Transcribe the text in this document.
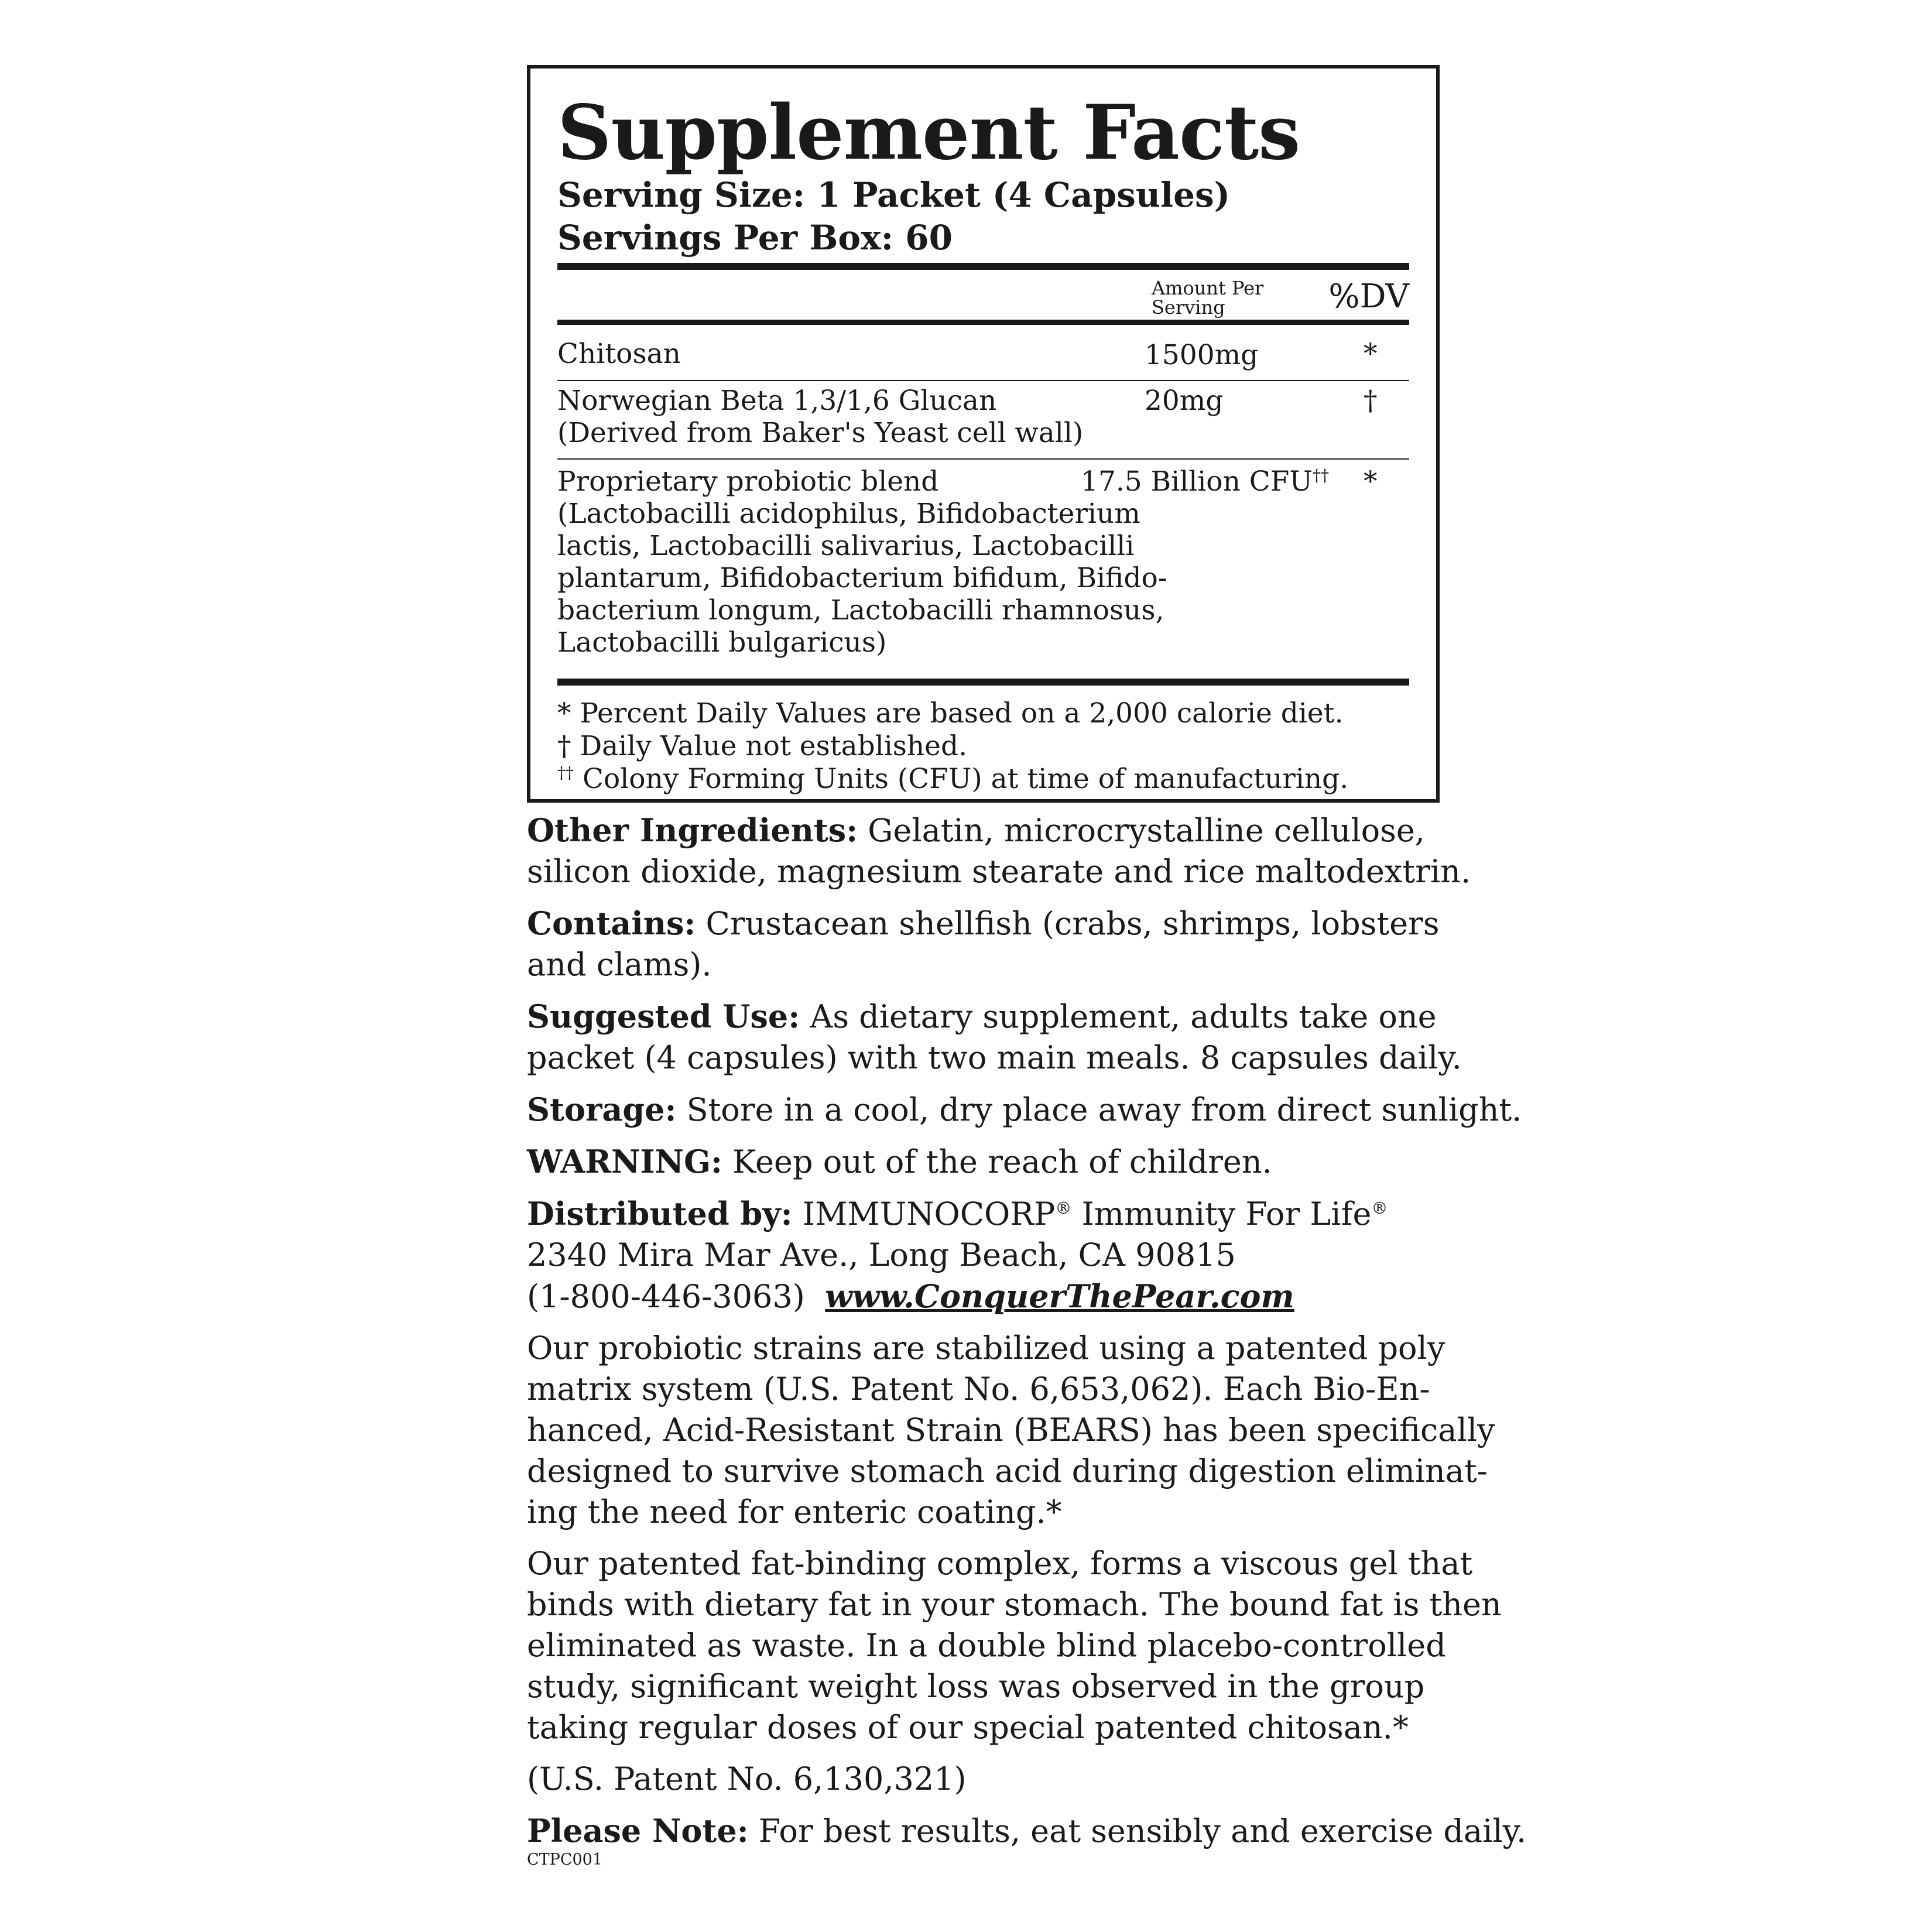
Supplement Facts
Serving Size: 1 Packet (4 Capsules)
Servings Per Box: 60
Amount Per
Serving	%DV
Chitosan	1500mg	*
Norwegian Beta 1,3/1,6 Glucan
(Derived from Baker's Yeast cell wall)
20mg	†
Proprietary probiotic blend
(Lactobacilli acidophilus, Bifidobacterium
lactis, Lactobacilli salivarius, Lactobacilli
plantarum, Bifidobacterium bifidum, Bifido-
bacterium longum, Lactobacilli rhamnosus,
Lactobacilli bulgaricus)
17.5 Billion CFU†† *
* Percent Daily Values are based on a 2,000 calorie diet.
† Daily Value not established.
†† Colony Forming Units (CFU) at time of manufacturing.
Other Ingredients: Gelatin, microcrystalline cellulose,
silicon dioxide, magnesium stearate and rice maltodextrin.
Contains: Crustacean shellfish (crabs, shrimps, lobsters
and clams).
Suggested Use: As dietary supplement, adults take one
packet (4 capsules) with two main meals. 8 capsules daily.
Storage: Store in a cool, dry place away from direct sunlight.
WARNING: Keep out of the reach of children.
Distributed by: IMMUNOCORP® Immunity For Life®
2340 Mira Mar Ave., Long Beach, CA 90815
(1-800-446-3063) www.ConquerThePear.com
Our probiotic strains are stabilized using a patented poly
matrix system (U.S. Patent No. 6,653,062). Each Bio-En-
hanced, Acid-Resistant Strain (BEARS) has been specifically
designed to survive stomach acid during digestion eliminat-
ing the need for enteric coating.*
Our patented fat-binding complex, forms a viscous gel that
binds with dietary fat in your stomach. The bound fat is then
eliminated as waste. In a double blind placebo-controlled
study, significant weight loss was observed in the group
taking regular doses of our special patented chitosan.*
(U.S. Patent No. 6,130,321)
Please Note: For best results, eat sensibly and exercise daily.
CTPC001
